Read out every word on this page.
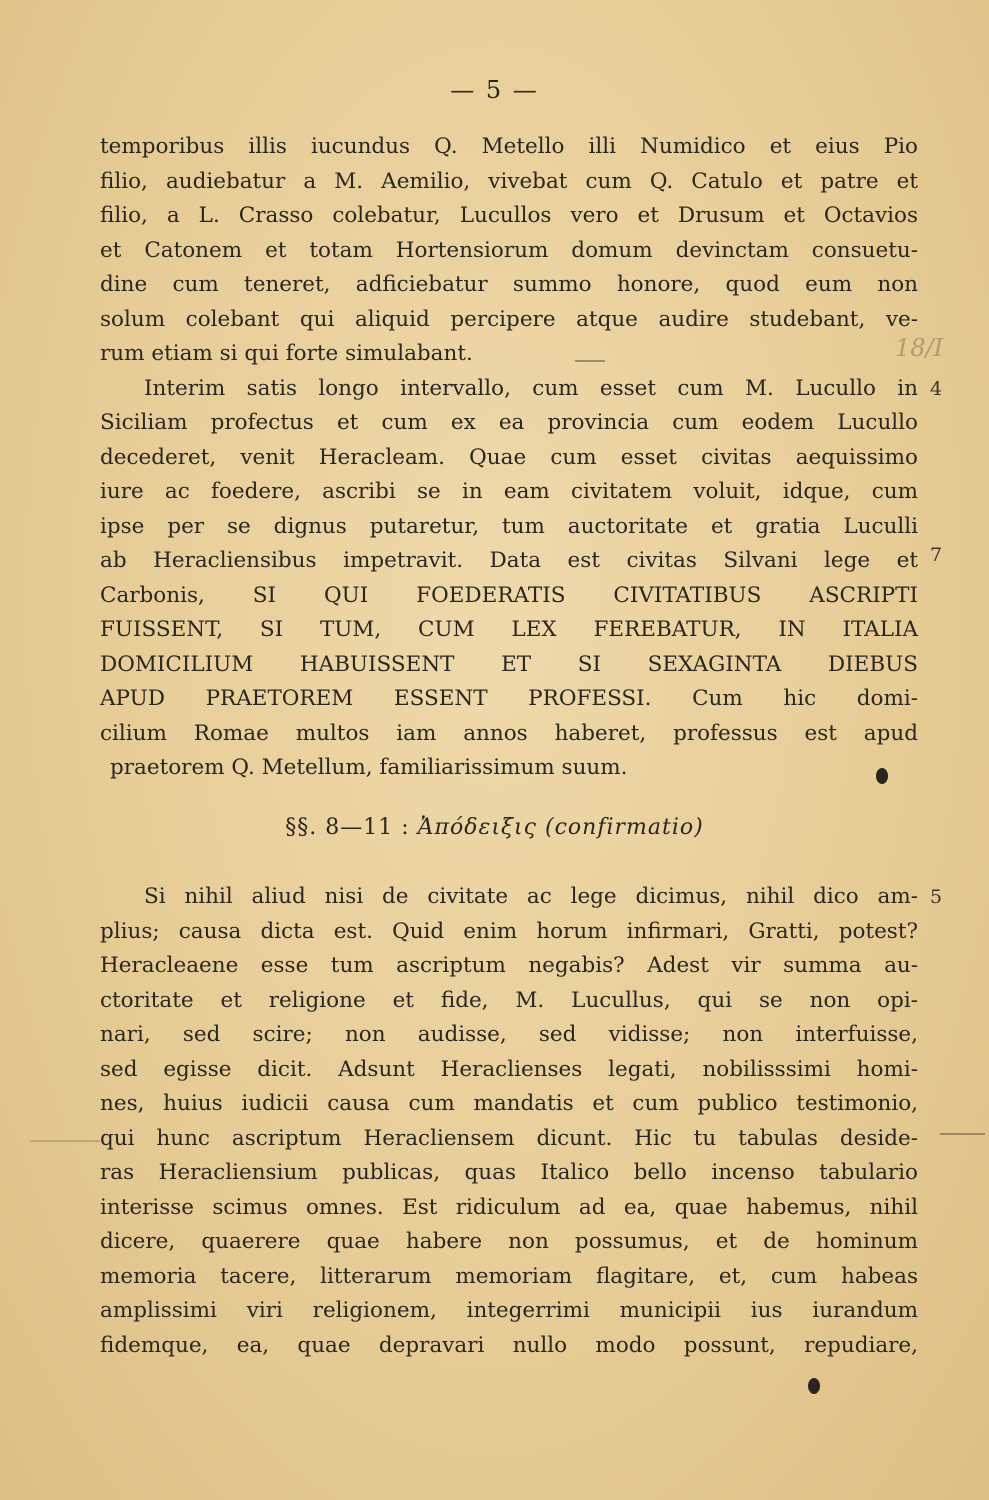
— 5 —
temporibus illis iucundus Q. Metello illi Numidico et eius Pio
filio, audiebatur a M. Aemilio, vivebat cum Q. Catulo et patre et
filio, a L. Crasso colebatur, Lucullos vero et Drusum et Octavios
et Catonem et totam Hortensiorum domum devinctam consuetu-
dine cum teneret, adficiebatur summo honore, quod eum non
solum colebant qui aliquid percipere atque audire studebant, ve-
rum etiam si qui forte simulabant.
Interim satis longo intervallo, cum esset cum M. Lucullo in
Siciliam profectus et cum ex ea provincia cum eodem Lucullo
decederet, venit Heracleam. Quae cum esset civitas aequissimo
iure ac foedere, ascribi se in eam civitatem voluit, idque, cum
ipse per se dignus putaretur, tum auctoritate et gratia Luculli
ab Heracliensibus impetravit. Data est civitas Silvani lege et
Carbonis, SI QUI FOEDERATIS CIVITATIBUS ASCRIPTI
FUISSENT, SI TUM, CUM LEX FEREBATUR, IN ITALIA
DOMICILIUM HABUISSENT ET SI SEXAGINTA DIEBUS
APUD PRAETOREM ESSENT PROFESSI. Cum hic domi-
cilium Romae multos iam annos haberet, professus est apud
praetorem Q. Metellum, familiarissimum suum.
§§. 8—11 : Ἀπόδειξις (confirmatio)
Si nihil aliud nisi de civitate ac lege dicimus, nihil dico am-
plius; causa dicta est. Quid enim horum infirmari, Gratti, potest?
Heracleaene esse tum ascriptum negabis? Adest vir summa au-
ctoritate et religione et fide, M. Lucullus, qui se non opi-
nari, sed scire; non audisse, sed vidisse; non interfuisse,
sed egisse dicit. Adsunt Heraclienses legati, nobilisssimi homi-
nes, huius iudicii causa cum mandatis et cum publico testimonio,
qui hunc ascriptum Heracliensem dicunt. Hic tu tabulas deside-
ras Heracliensium publicas, quas Italico bello incenso tabulario
interisse scimus omnes. Est ridiculum ad ea, quae habemus, nihil
dicere, quaerere quae habere non possumus, et de hominum
memoria tacere, litterarum memoriam flagitare, et, cum habeas
amplissimi viri religionem, integerrimi municipii ius iurandum
fidemque, ea, quae depravari nullo modo possunt, repudiare,
4
7
5
18/I
